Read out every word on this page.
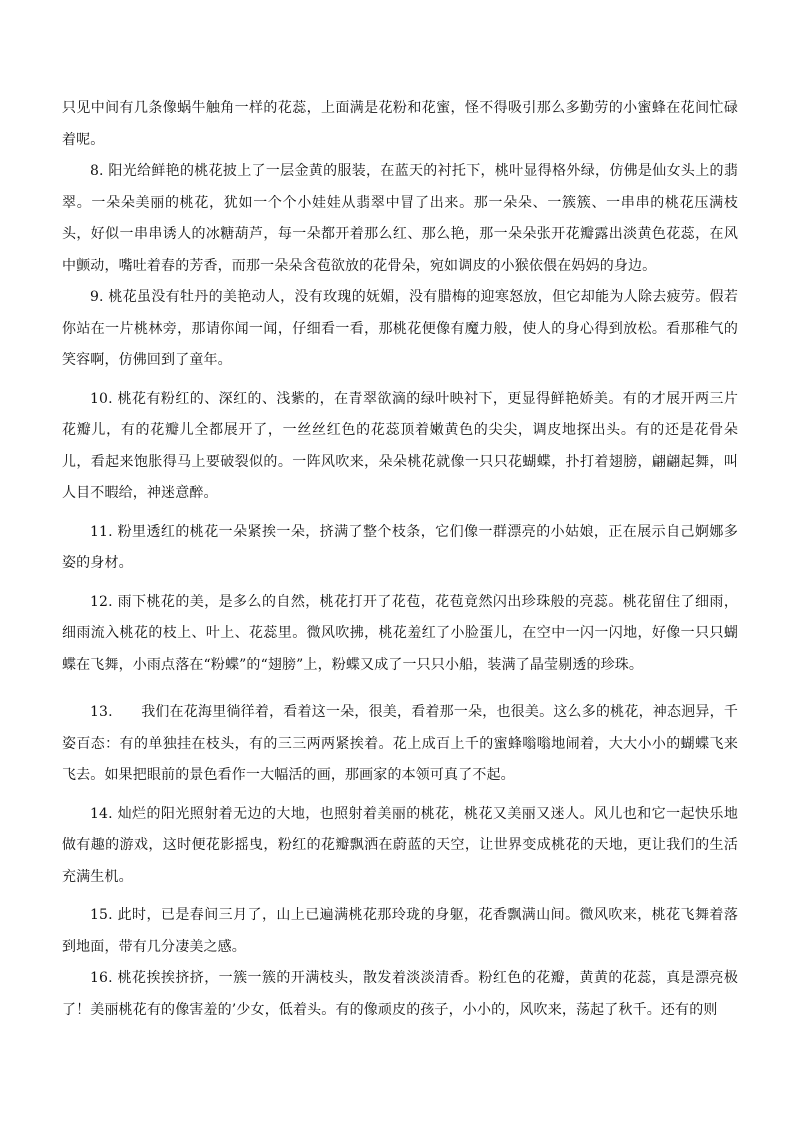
只见中间有几条像蜗牛触角一样的花蕊，上面满是花粉和花蜜，怪不得吸引那么多勤劳的小蜜蜂在花间忙碌着呢。

8. 阳光给鲜艳的桃花披上了一层金黄的服装，在蓝天的衬托下，桃叶显得格外绿，仿佛是仙女头上的翡翠。一朵朵美丽的桃花，犹如一个个小娃娃从翡翠中冒了出来。那一朵朵、一簇簇、一串串的桃花压满枝头，好似一串串诱人的冰糖葫芦，每一朵都开着那么红、那么艳，那一朵朵张开花瓣露出淡黄色花蕊，在风中颤动，嘴吐着春的芳香，而那一朵朵含苞欲放的花骨朵，宛如调皮的小猴依偎在妈妈的身边。

9. 桃花虽没有牡丹的美艳动人，没有玫瑰的妩媚，没有腊梅的迎寒怒放，但它却能为人除去疲劳。假若你站在一片桃林旁，那请你闻一闻，仔细看一看，那桃花便像有魔力般，使人的身心得到放松。看那稚气的笑容啊，仿佛回到了童年。

10. 桃花有粉红的、深红的、浅紫的，在青翠欲滴的绿叶映衬下，更显得鲜艳娇美。有的才展开两三片花瓣儿，有的花瓣儿全都展开了，一丝丝红色的花蕊顶着嫩黄色的尖尖，调皮地探出头。有的还是花骨朵儿，看起来饱胀得马上要破裂似的。一阵风吹来，朵朵桃花就像一只只花蝴蝶，扑打着翅膀，翩翩起舞，叫人目不暇给，神迷意醉。

11. 粉里透红的桃花一朵紧挨一朵，挤满了整个枝条，它们像一群漂亮的小姑娘，正在展示自己婀娜多姿的身材。

12. 雨下桃花的美，是多么的自然，桃花打开了花苞，花苞竟然闪出珍珠般的亮蕊。桃花留住了细雨，细雨流入桃花的枝上、叶上、花蕊里。微风吹拂，桃花羞红了小脸蛋儿，在空中一闪一闪地，好像一只只蝴蝶在飞舞，小雨点落在“粉蝶”的“翅膀”上，粉蝶又成了一只只小船，装满了晶莹剔透的珍珠。

13.　　我们在花海里徜徉着，看着这一朵，很美，看着那一朵，也很美。这么多的桃花，神态迥异，千姿百态：有的单独挂在枝头，有的三三两两紧挨着。花上成百上千的蜜蜂嗡嗡地闹着，大大小小的蝴蝶飞来飞去。如果把眼前的景色看作一大幅活的画，那画家的本领可真了不起。

14. 灿烂的阳光照射着无边的大地，也照射着美丽的桃花，桃花又美丽又迷人。风儿也和它一起快乐地做有趣的游戏，这时便花影摇曳，粉红的花瓣飘洒在蔚蓝的天空，让世界变成桃花的天地，更让我们的生活充满生机。

15. 此时，已是春间三月了，山上已遍满桃花那玲珑的身躯，花香飘满山间。微风吹来，桃花飞舞着落到地面，带有几分凄美之感。

16. 桃花挨挨挤挤，一簇一簇的开满枝头，散发着淡淡清香。粉红色的花瓣，黄黄的花蕊，真是漂亮极了！美丽桃花有的像害羞的’少女，低着头。有的像顽皮的孩子，小小的，风吹来，荡起了秋千。还有的则
